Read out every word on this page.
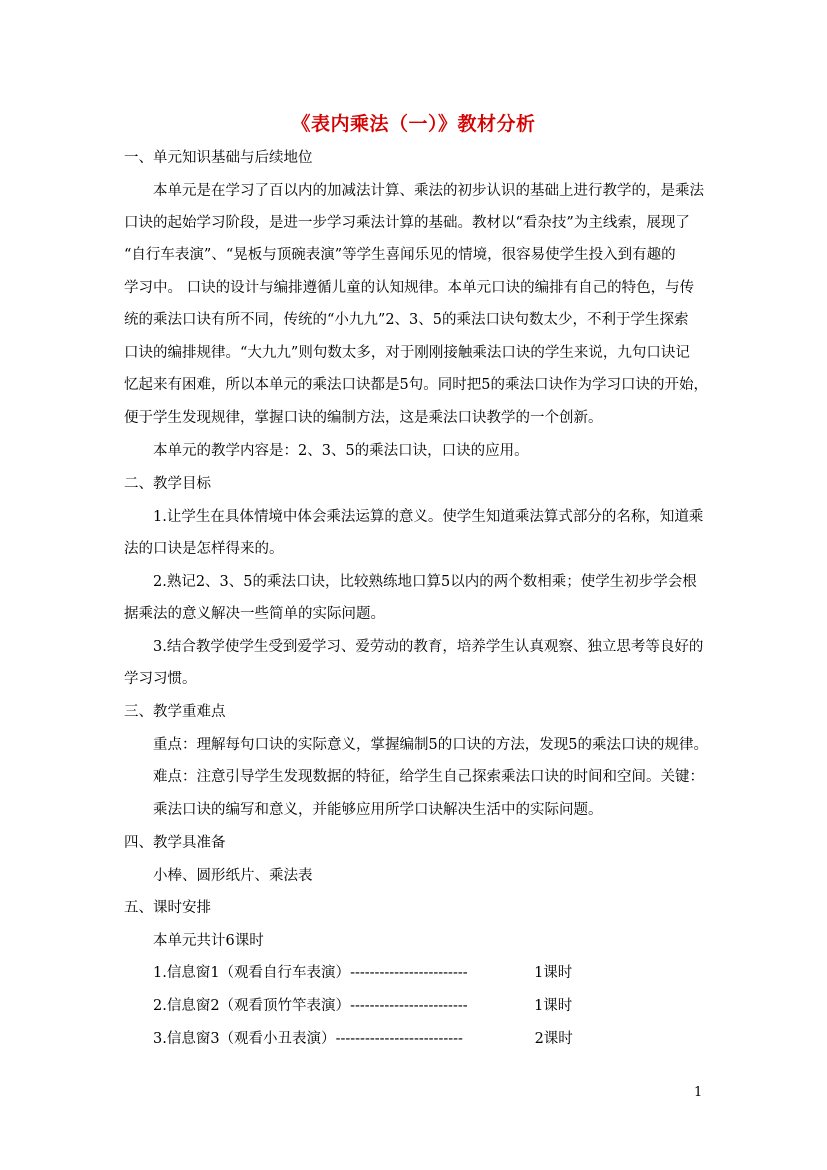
《表内乘法（一）》教材分析
一、单元知识基础与后续地位
本单元是在学习了百以内的加减法计算、乘法的初步认识的基础上进行教学的，是乘法
口诀的起始学习阶段，是进一步学习乘法计算的基础。教材以“看杂技”为主线索，展现了
“自行车表演”、“晃板与顶碗表演”等学生喜闻乐见的情境，很容易使学生投入到有趣的
学习中。 口诀的设计与编排遵循儿童的认知规律。本单元口诀的编排有自己的特色，与传
统的乘法口诀有所不同，传统的“小九九”2、3、5的乘法口诀句数太少，不利于学生探索
口诀的编排规律。“大九九”则句数太多，对于刚刚接触乘法口诀的学生来说，九句口诀记
忆起来有困难，所以本单元的乘法口诀都是5句。同时把5的乘法口诀作为学习口诀的开始，
便于学生发现规律，掌握口诀的编制方法，这是乘法口诀教学的一个创新。
本单元的教学内容是：2、3、5的乘法口诀，口诀的应用。
二、教学目标
1.让学生在具体情境中体会乘法运算的意义。使学生知道乘法算式部分的名称，知道乘
法的口诀是怎样得来的。
2.熟记2、3、5的乘法口诀，比较熟练地口算5以内的两个数相乘；使学生初步学会根
据乘法的意义解决一些简单的实际问题。
3.结合教学使学生受到爱学习、爱劳动的教育，培养学生认真观察、独立思考等良好的
学习习惯。
三、教学重难点
重点：理解每句口诀的实际意义，掌握编制5的口诀的方法，发现5的乘法口诀的规律。
难点：注意引导学生发现数据的特征，给学生自己探索乘法口诀的时间和空间。关键：
乘法口诀的编写和意义，并能够应用所学口诀解决生活中的实际问题。
四、教学具准备
小棒、圆形纸片、乘法表
五、课时安排
本单元共计6课时
1.信息窗1（观看自行车表演） ------------------------	1课时
2.信息窗2（观看顶竹竿表演） ------------------------	1课时
3.信息窗3（观看小丑表演） --------------------------	2课时
1
